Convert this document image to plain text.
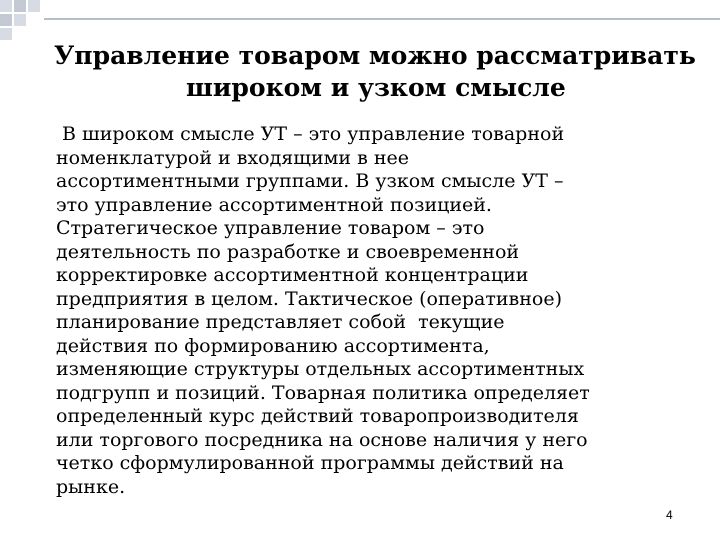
Управление товаром можно рассматривать
широком и узком смысле
В широком смысле УТ – это управление товарной
номенклатурой и входящими в нее
ассортиментными группами. В узком смысле УТ –
это управление ассортиментной позицией.
Стратегическое управление товаром – это
деятельность по разработке и своевременной
корректировке ассортиментной концентрации
предприятия в целом. Тактическое (оперативное)
планирование представляет собой  текущие
действия по формированию ассортимента,
изменяющие структуры отдельных ассортиментных
подгрупп и позиций. Товарная политика определяет
определенный курс действий товаропроизводителя
или торгового посредника на основе наличия у него
четко сформулированной программы действий на
рынке.
4
